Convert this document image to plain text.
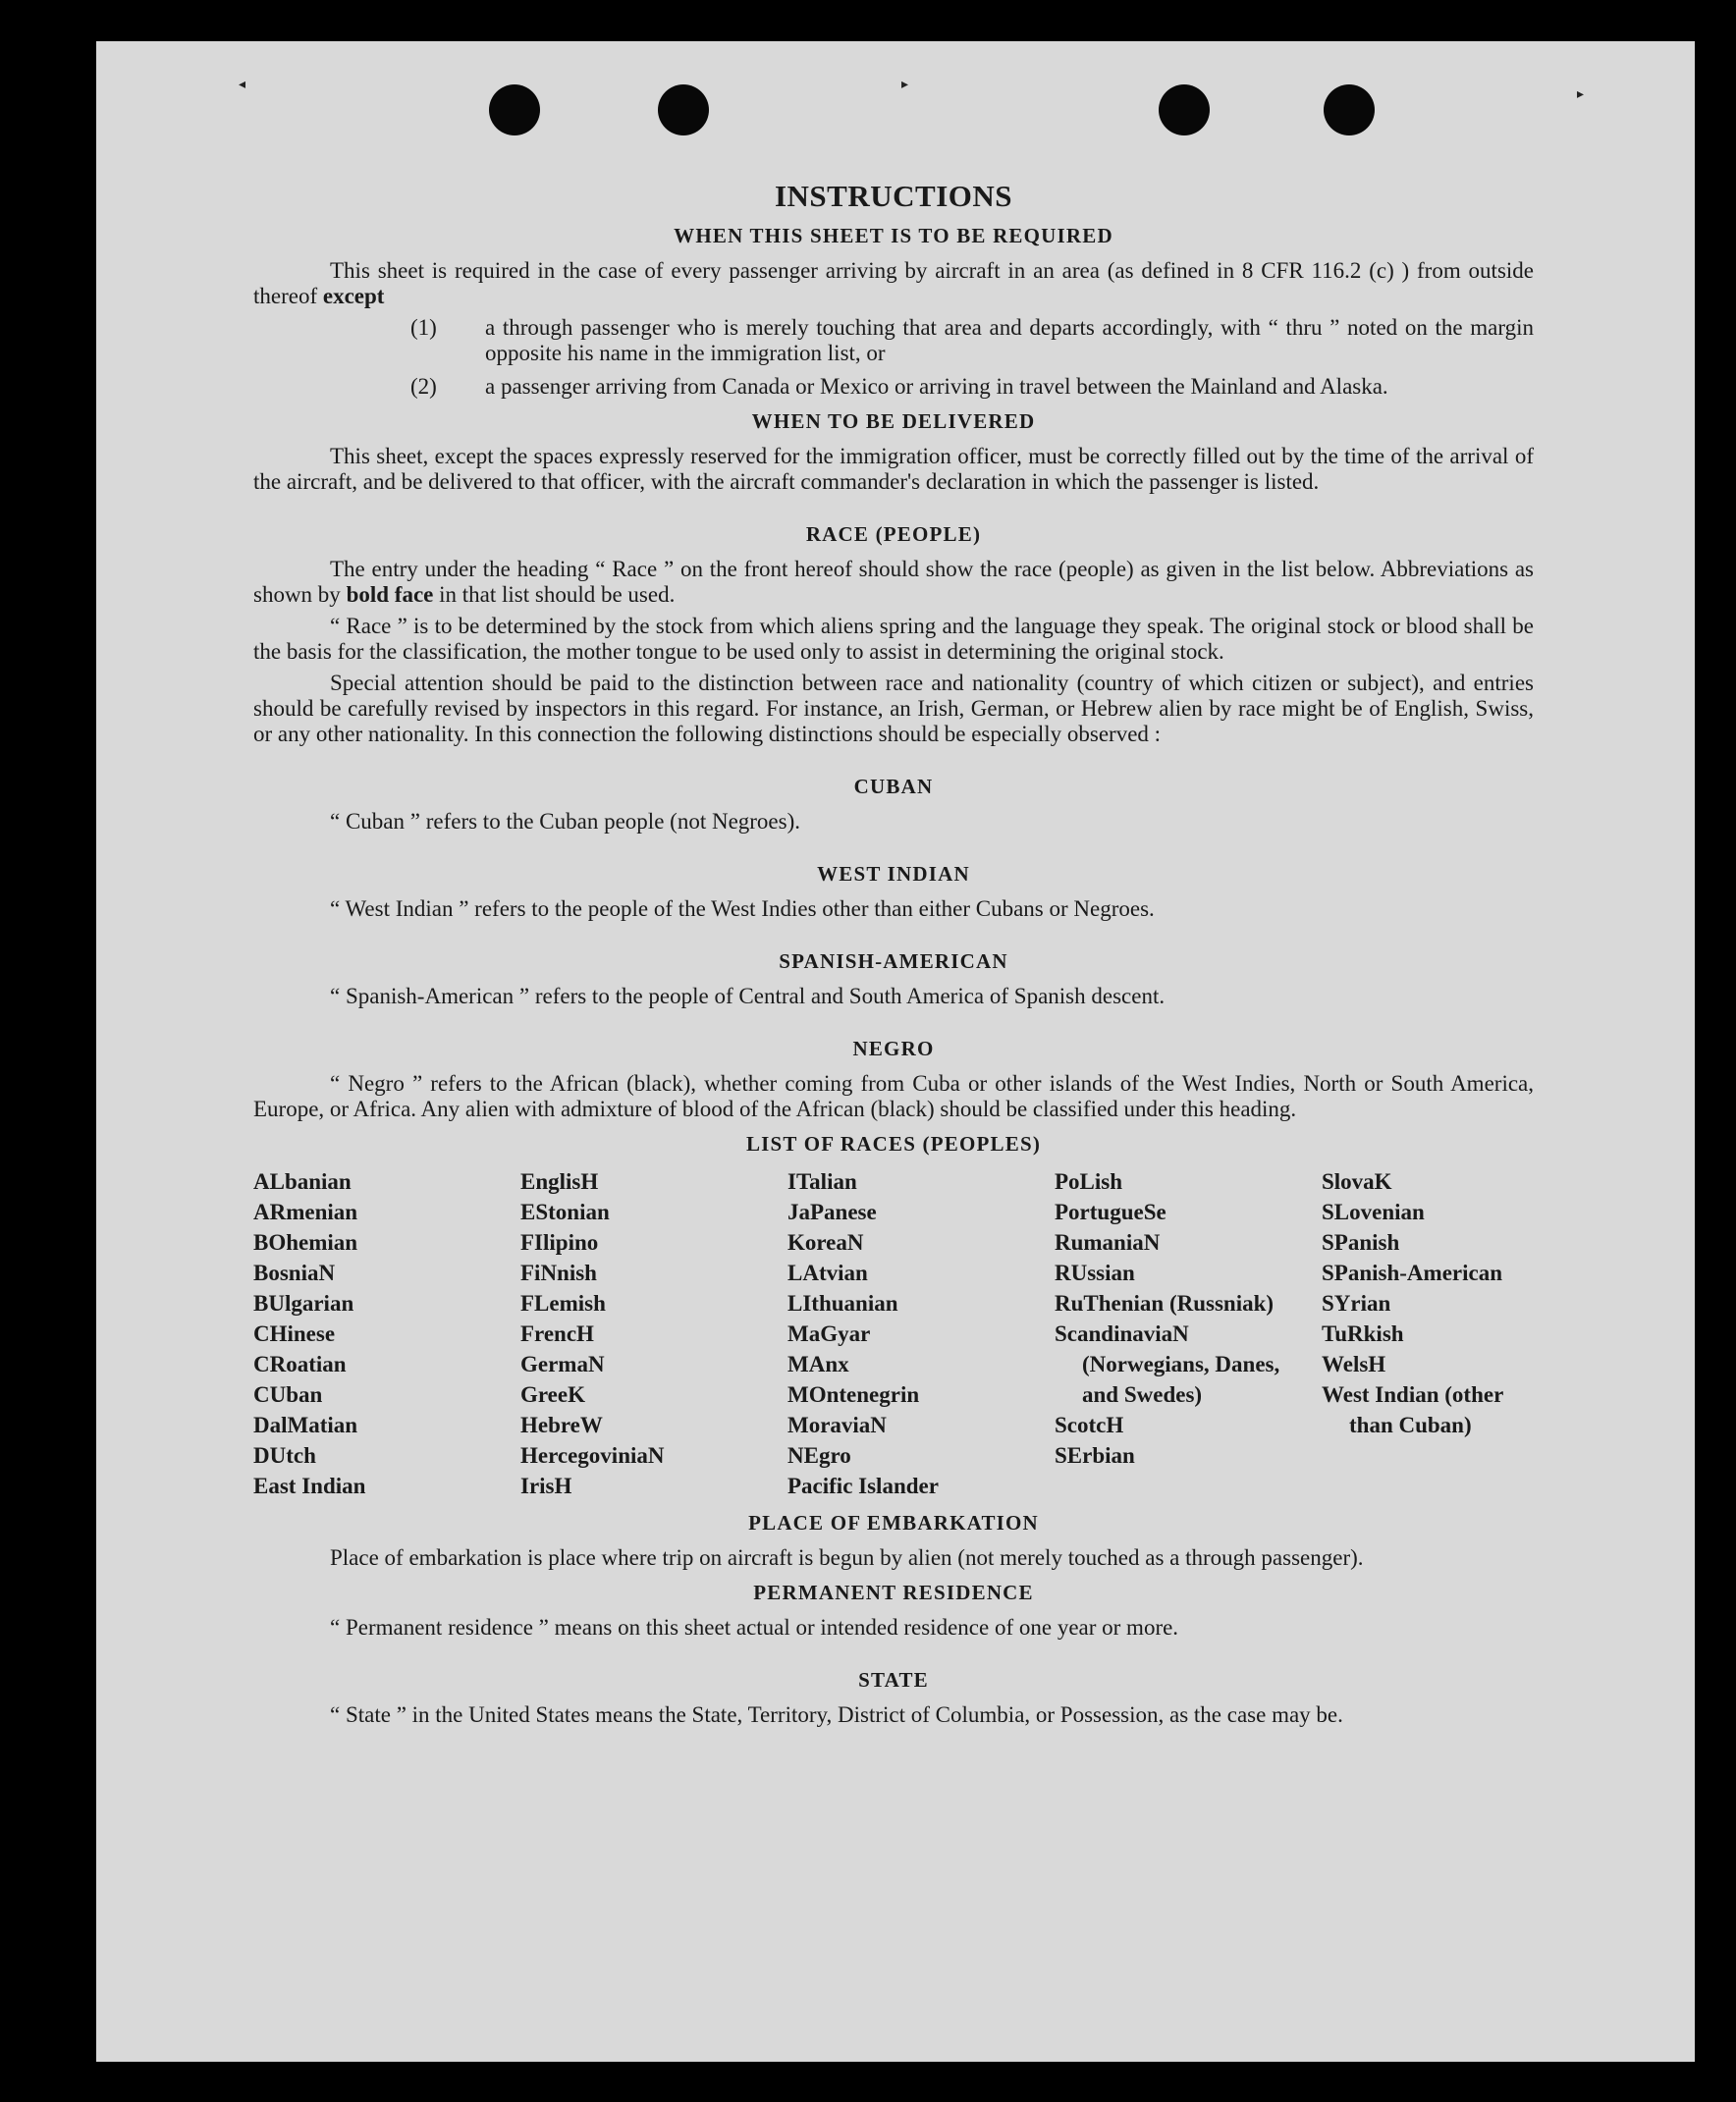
◂	▸
▸
INSTRUCTIONS
WHEN THIS SHEET IS TO BE REQUIRED

This sheet is required in the case of every passenger arriving by aircraft in an area (as defined in 8 CFR 116.2 (c) ) from outside thereof except

(1) a through passenger who is merely touching that area and departs accordingly, with “ thru ” noted on the margin opposite his name in the immigration list, or
(2) a passenger arriving from Canada or Mexico or arriving in travel between the Mainland and Alaska.
WHEN TO BE DELIVERED

This sheet, except the spaces expressly reserved for the immigration officer, must be correctly filled out by the time of the arrival of the aircraft, and be delivered to that officer, with the aircraft commander's declaration in which the passenger is listed.

RACE (PEOPLE)

The entry under the heading “ Race ” on the front hereof should show the race (people) as given in the list below. Abbreviations as shown by bold face in that list should be used.

“ Race ” is to be determined by the stock from which aliens spring and the language they speak. The original stock or blood shall be the basis for the classification, the mother tongue to be used only to assist in determining the original stock.

Special attention should be paid to the distinction between race and nationality (country of which citizen or subject), and entries should be carefully revised by inspectors in this regard. For instance, an Irish, German, or Hebrew alien by race might be of English, Swiss, or any other nationality. In this connection the following distinctions should be especially observed :

CUBAN

“ Cuban ” refers to the Cuban people (not Negroes).

WEST INDIAN

“ West Indian ” refers to the people of the West Indies other than either Cubans or Negroes.

SPANISH-AMERICAN

“ Spanish-American ” refers to the people of Central and South America of Spanish descent.

NEGRO

“ Negro ” refers to the African (black), whether coming from Cuba or other islands of the West Indies, North or South America, Europe, or Africa. Any alien with admixture of blood of the African (black) should be classified under this heading.

LIST OF RACES (PEOPLES)
ALbanian
ARmenian
BOhemian
BosniaN
BUlgarian
CHinese
CRoatian
CUban
DalMatian
DUtch
East Indian
EnglisH
EStonian
FIlipino
FiNnish
FLemish
FrencH
GermaN
GreeK
HebreW
HercegoviniaN
IrisH
ITalian
JaPanese
KoreaN
LAtvian
LIthuanian
MaGyar
MAnx
MOntenegrin
MoraviaN
NEgro
Pacific Islander
PoLish
PortugueSe
RumaniaN
RUssian
RuThenian (Russniak)
ScandinaviaN (Norwegians, Danes, and Swedes)
ScotcH
SErbian
SlovaK
SLovenian
SPanish
SPanish-American
SYrian
TuRkish
WelsH
West Indian (other than Cuban)
PLACE OF EMBARKATION

Place of embarkation is place where trip on aircraft is begun by alien (not merely touched as a through passenger).

PERMANENT RESIDENCE

“ Permanent residence ” means on this sheet actual or intended residence of one year or more.

STATE

“ State ” in the United States means the State, Territory, District of Columbia, or Possession, as the case may be.
